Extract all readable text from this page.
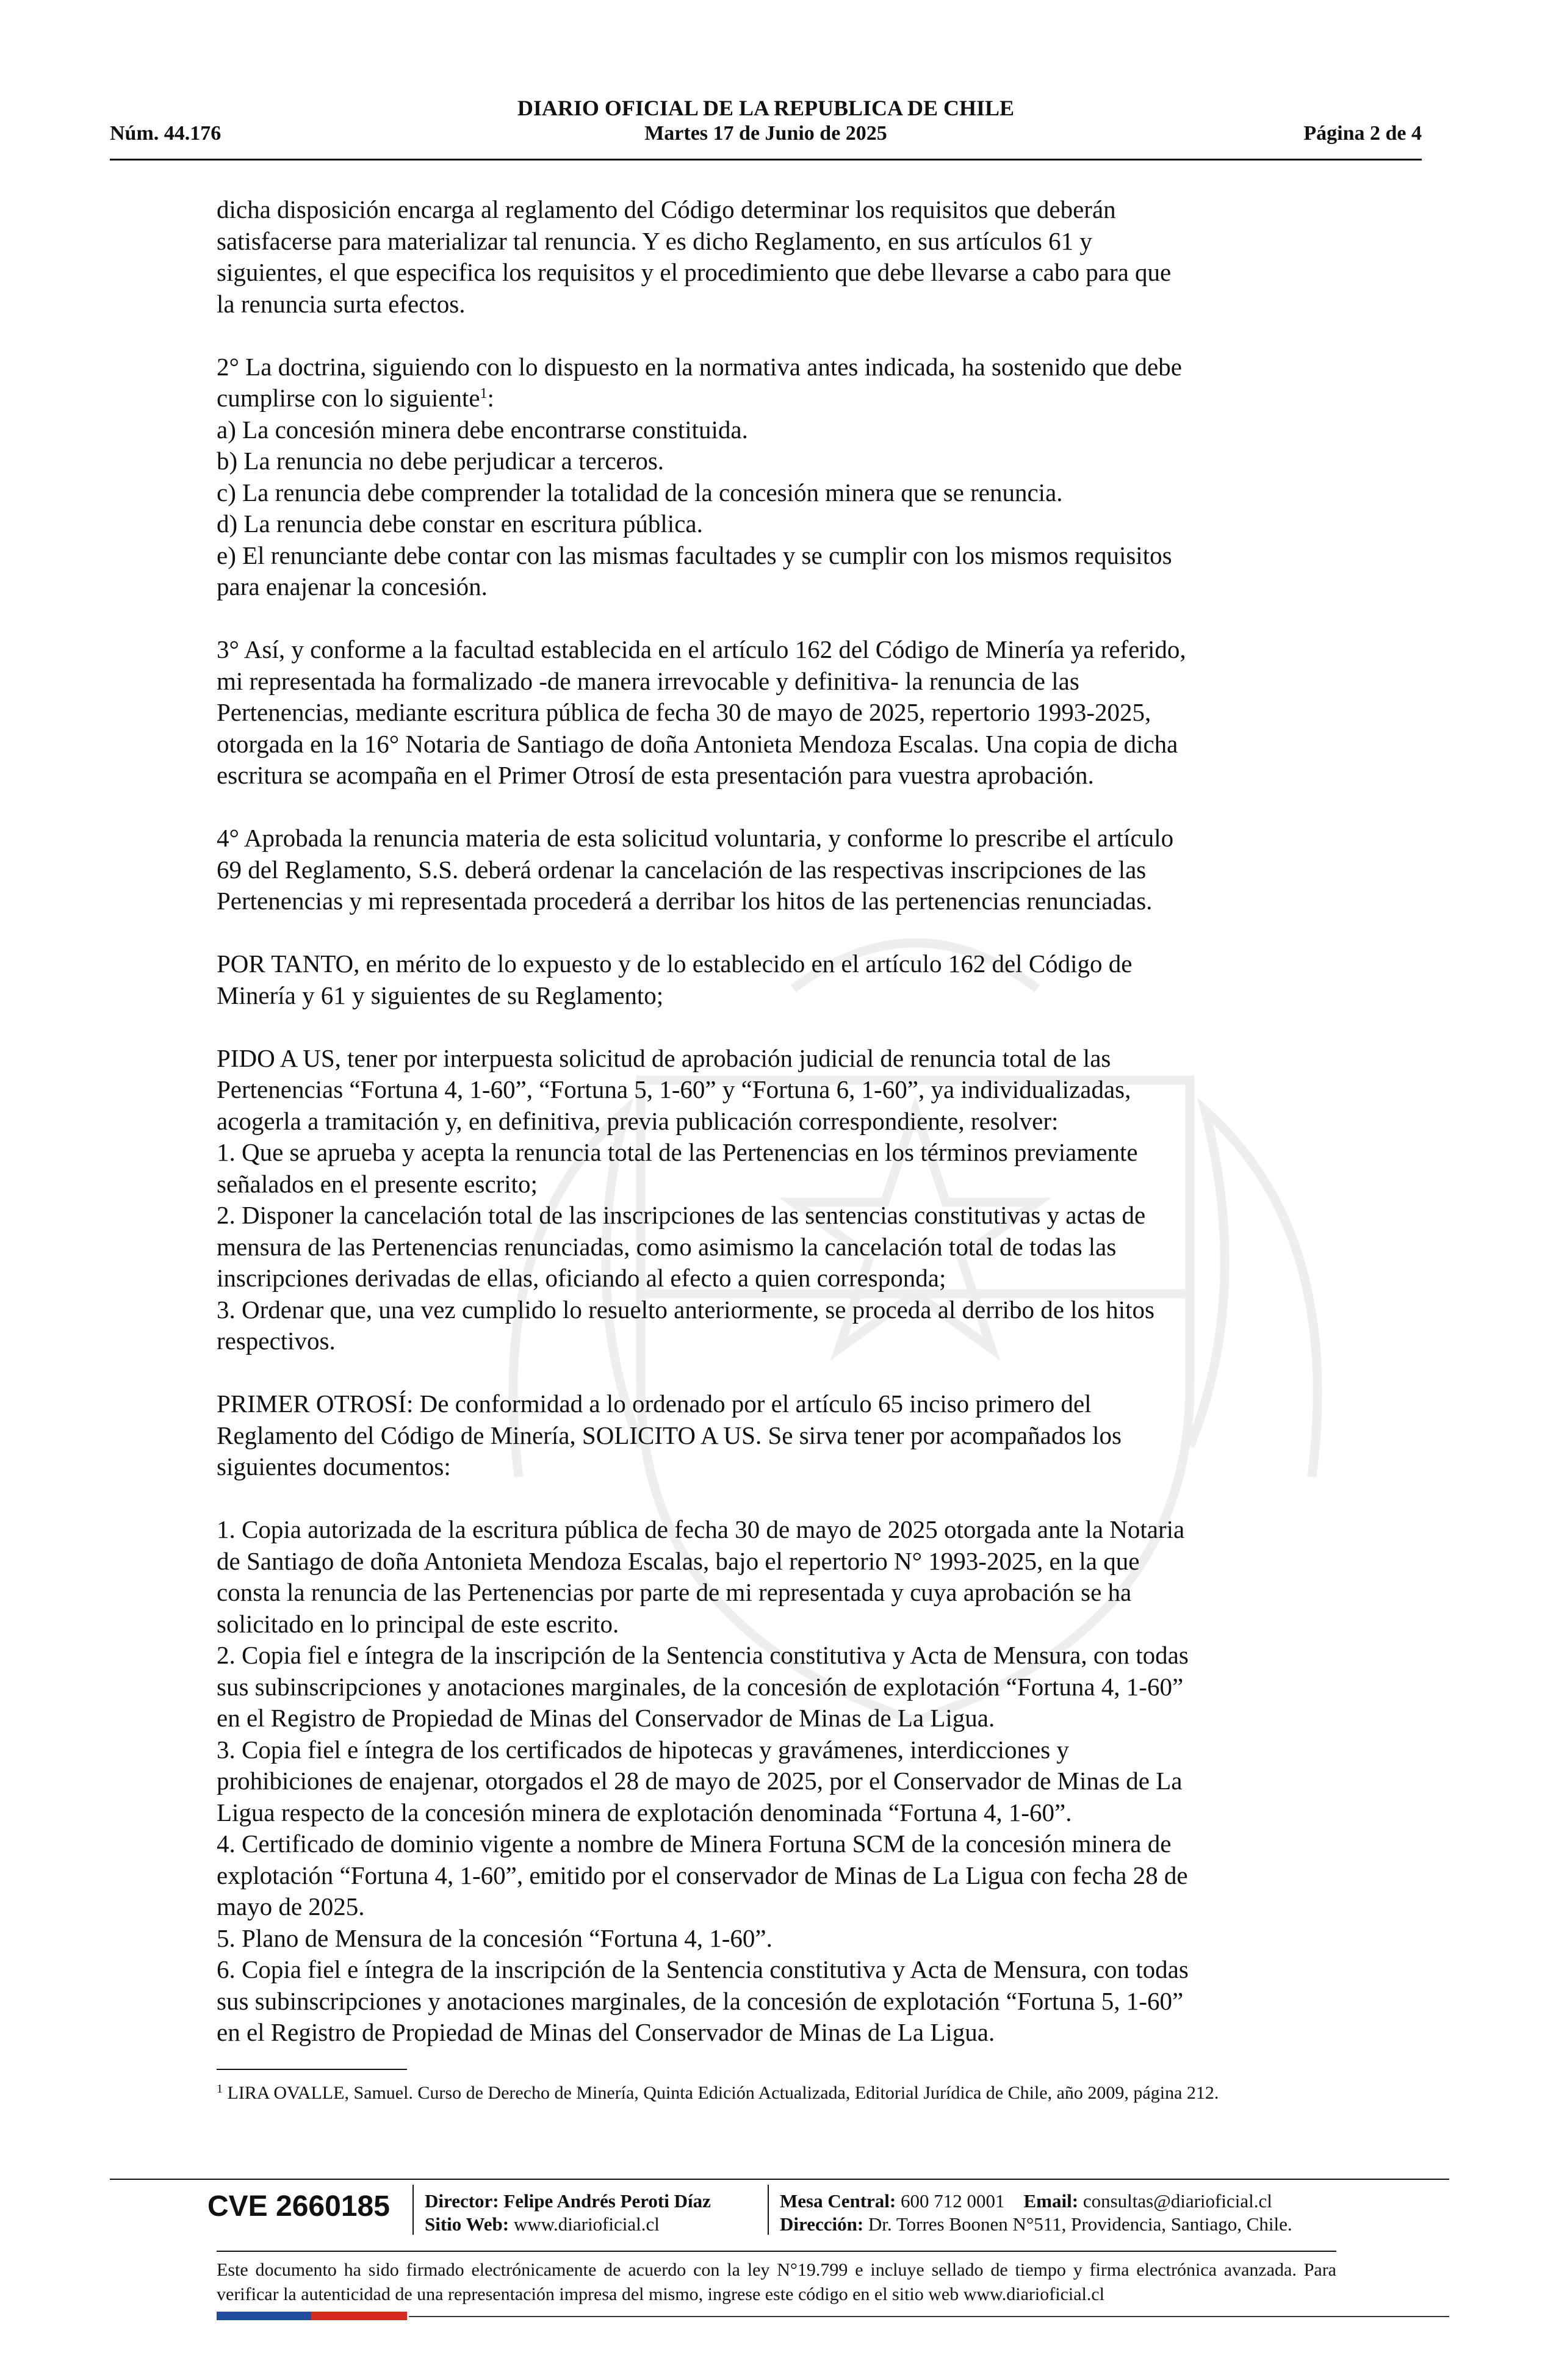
DIARIO OFICIAL DE LA REPUBLICA DE CHILE
Núm. 44.176	Martes 17 de Junio de 2025	Página 2 de 4

dicha disposición encarga al reglamento del Código determinar los requisitos que deberán
satisfacerse para materializar tal renuncia. Y es dicho Reglamento, en sus artículos 61 y
siguientes, el que especifica los requisitos y el procedimiento que debe llevarse a cabo para que
la renuncia surta efectos.

2° La doctrina, siguiendo con lo dispuesto en la normativa antes indicada, ha sostenido que debe
cumplirse con lo siguiente$^1$:
a) La concesión minera debe encontrarse constituida.
b) La renuncia no debe perjudicar a terceros.
c) La renuncia debe comprender la totalidad de la concesión minera que se renuncia.
d) La renuncia debe constar en escritura pública.
e) El renunciante debe contar con las mismas facultades y se cumplir con los mismos requisitos
para enajenar la concesión.

3° Así, y conforme a la facultad establecida en el artículo 162 del Código de Minería ya referido,
mi representada ha formalizado -de manera irrevocable y definitiva- la renuncia de las
Pertenencias, mediante escritura pública de fecha 30 de mayo de 2025, repertorio 1993-2025,
otorgada en la 16° Notaria de Santiago de doña Antonieta Mendoza Escalas. Una copia de dicha
escritura se acompaña en el Primer Otrosí de esta presentación para vuestra aprobación.

4° Aprobada la renuncia materia de esta solicitud voluntaria, y conforme lo prescribe el artículo
69 del Reglamento, S.S. deberá ordenar la cancelación de las respectivas inscripciones de las
Pertenencias y mi representada procederá a derribar los hitos de las pertenencias renunciadas.

POR TANTO, en mérito de lo expuesto y de lo establecido en el artículo 162 del Código de
Minería y 61 y siguientes de su Reglamento;

PIDO A US, tener por interpuesta solicitud de aprobación judicial de renuncia total de las
Pertenencias “Fortuna 4, 1-60”, “Fortuna 5, 1-60” y “Fortuna 6, 1-60”, ya individualizadas,
acogerla a tramitación y, en definitiva, previa publicación correspondiente, resolver:
1. Que se aprueba y acepta la renuncia total de las Pertenencias en los términos previamente
señalados en el presente escrito;
2. Disponer la cancelación total de las inscripciones de las sentencias constitutivas y actas de
mensura de las Pertenencias renunciadas, como asimismo la cancelación total de todas las
inscripciones derivadas de ellas, oficiando al efecto a quien corresponda;
3. Ordenar que, una vez cumplido lo resuelto anteriormente, se proceda al derribo de los hitos
respectivos.

PRIMER OTROSÍ: De conformidad a lo ordenado por el artículo 65 inciso primero del
Reglamento del Código de Minería, SOLICITO A US. Se sirva tener por acompañados los
siguientes documentos:

1. Copia autorizada de la escritura pública de fecha 30 de mayo de 2025 otorgada ante la Notaria
de Santiago de doña Antonieta Mendoza Escalas, bajo el repertorio N° 1993-2025, en la que
consta la renuncia de las Pertenencias por parte de mi representada y cuya aprobación se ha
solicitado en lo principal de este escrito.
2. Copia fiel e íntegra de la inscripción de la Sentencia constitutiva y Acta de Mensura, con todas
sus subinscripciones y anotaciones marginales, de la concesión de explotación “Fortuna 4, 1-60”
en el Registro de Propiedad de Minas del Conservador de Minas de La Ligua.
3. Copia fiel e íntegra de los certificados de hipotecas y gravámenes, interdicciones y
prohibiciones de enajenar, otorgados el 28 de mayo de 2025, por el Conservador de Minas de La
Ligua respecto de la concesión minera de explotación denominada “Fortuna 4, 1-60”.
4. Certificado de dominio vigente a nombre de Minera Fortuna SCM de la concesión minera de
explotación “Fortuna 4, 1-60”, emitido por el conservador de Minas de La Ligua con fecha 28 de
mayo de 2025.
5. Plano de Mensura de la concesión “Fortuna 4, 1-60”.
6. Copia fiel e íntegra de la inscripción de la Sentencia constitutiva y Acta de Mensura, con todas
sus subinscripciones y anotaciones marginales, de la concesión de explotación “Fortuna 5, 1-60”
en el Registro de Propiedad de Minas del Conservador de Minas de La Ligua.

$^1$ LIRA OVALLE, Samuel. Curso de Derecho de Minería, Quinta Edición Actualizada, Editorial Jurídica de Chile, año 2009, página 212.
CVE 2660185 Director: Felipe Andrés Peroti Díaz
Sitio Web: www.diarioficial.cl
Mesa Central: 600 712 0001 Email: consultas@diarioficial.cl
Dirección: Dr. Torres Boonen N°511, Providencia, Santiago, Chile.
Este documento ha sido firmado electrónicamente de acuerdo con la ley N°19.799 e incluye sellado de tiempo y firma electrónica avanzada. Para verificar la autenticidad de una representación impresa del mismo, ingrese este código en el sitio web www.diarioficial.cl
